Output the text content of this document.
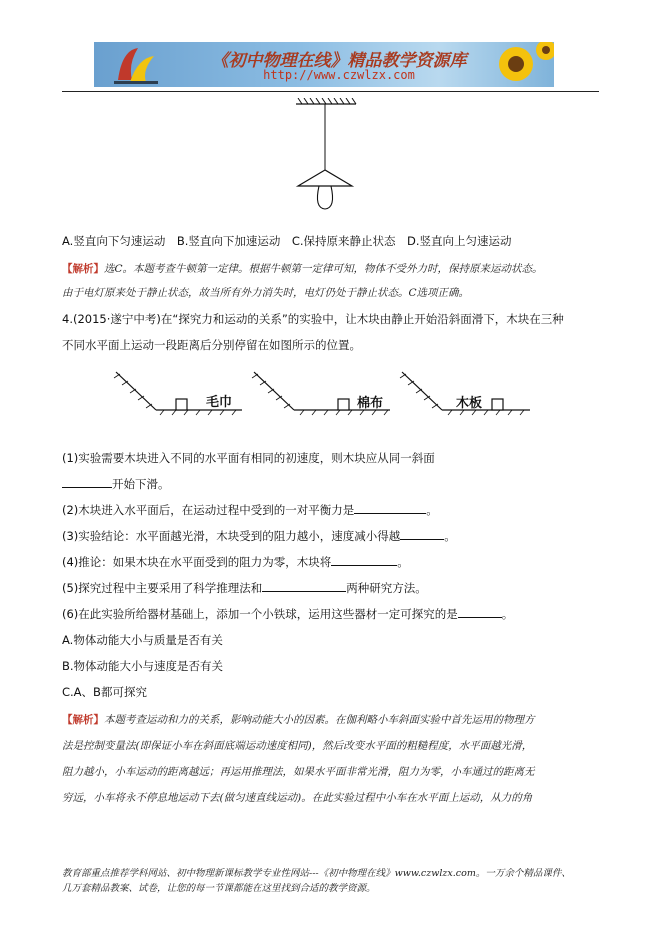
《初中物理在线》精品教学资源库
http://www.czwlzx.com
A.竖直向下匀速运动　B.竖直向下加速运动　C.保持原来静止状态　D.竖直向上匀速运动
【解析】选C。本题考查牛顿第一定律。根据牛顿第一定律可知，物体不受外力时，保持原来运动状态。
由于电灯原来处于静止状态，故当所有外力消失时，电灯仍处于静止状态。C选项正确。
4.(2015·遂宁中考)在“探究力和运动的关系”的实验中，让木块由静止开始沿斜面滑下，木块在三种
不同水平面上运动一段距离后分别停留在如图所示的位置。
毛巾	棉布	木板
(1)实验需要木块进入不同的水平面有相同的初速度，则木块应从同一斜面
开始下滑。
(2)木块进入水平面后，在运动过程中受到的一对平衡力是	。
(3)实验结论：水平面越光滑，木块受到的阻力越小，速度减小得越	。
(4)推论：如果木块在水平面受到的阻力为零，木块将	。
(5)探究过程中主要采用了科学推理法和	两种研究方法。
(6)在此实验所给器材基础上，添加一个小铁球，运用这些器材一定可探究的是	。
A.物体动能大小与质量是否有关
B.物体动能大小与速度是否有关
C.A、B都可探究
【解析】本题考查运动和力的关系，影响动能大小的因素。在伽利略小车斜面实验中首先运用的物理方
法是控制变量法(即保证小车在斜面底端运动速度相同)，然后改变水平面的粗糙程度，水平面越光滑，
阻力越小，小车运动的距离越远；再运用推理法，如果水平面非常光滑，阻力为零，小车通过的距离无
穷远，小车将永不停息地运动下去(做匀速直线运动)。在此实验过程中小车在水平面上运动，从力的角
教育部重点推荐学科网站、初中物理新课标教学专业性网站---《初中物理在线》www.czwlzx.com。一万余个精品课件、
几万套精品教案、试卷，让您的每一节课都能在这里找到合适的教学资源。
